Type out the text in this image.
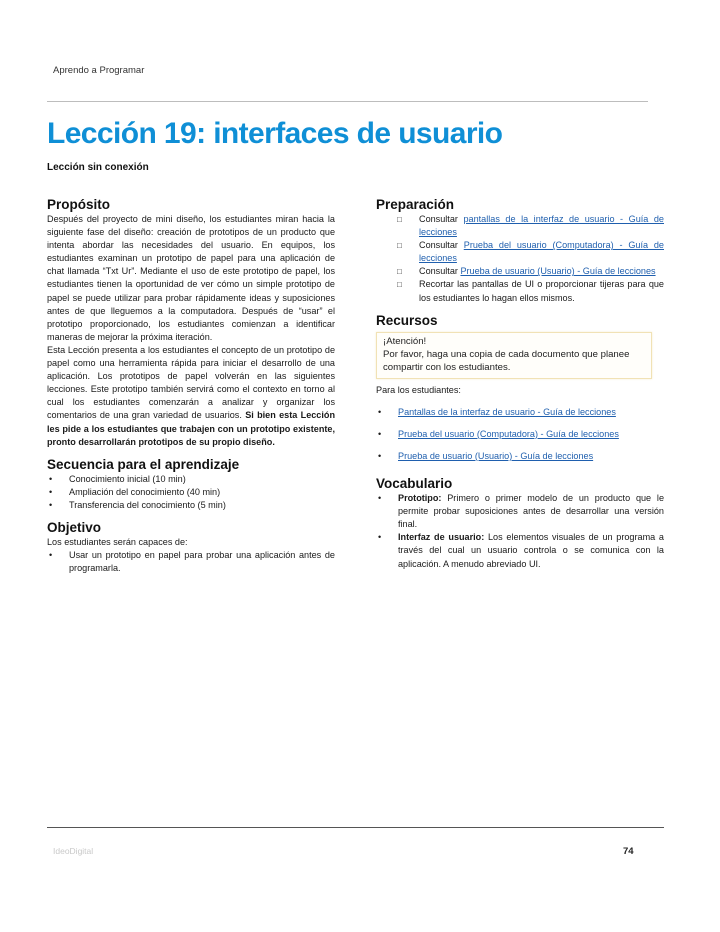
Aprendo a Programar
Lección 19: interfaces de usuario
Lección sin conexión
Propósito

Después del proyecto de mini diseño, los estudiantes miran hacia la siguiente fase del diseño: creación de prototipos de un producto que intenta abordar las necesidades del usuario. En equipos, los estudiantes examinan un prototipo de papel para una aplicación de chat llamada “Txt Ur”. Mediante el uso de este prototipo de papel, los estudiantes tienen la oportunidad de ver cómo un simple prototipo de papel se puede utilizar para probar rápidamente ideas y suposiciones antes de que lleguemos a la computadora. Después de “usar” el prototipo proporcionado, los estudiantes comienzan a identificar maneras de mejorar la próxima iteración.

Esta Lección presenta a los estudiantes el concepto de un prototipo de papel como una herramienta rápida para iniciar el desarrollo de una aplicación. Los prototipos de papel volverán en las siguientes lecciones. Este prototipo también servirá como el contexto en torno al cual los estudiantes comenzarán a analizar y organizar los comentarios de una gran variedad de usuarios. Si bien esta Lección les pide a los estudiantes que trabajen con un prototipo existente, pronto desarrollarán prototipos de su propio diseño.

Secuencia para el aprendizaje
• Conocimiento inicial (10 min)
• Ampliación del conocimiento (40 min)
• Transferencia del conocimiento (5 min)
Objetivo

Los estudiantes serán capaces de:

• Usar un prototipo en papel para probar una aplicación antes de programarla.
Preparación
□ Consultar pantallas de la interfaz de usuario - Guía de lecciones
□ Consultar Prueba del usuario (Computadora) - Guía de lecciones
□ Consultar Prueba de usuario (Usuario) - Guía de lecciones
□ Recortar las pantallas de UI o proporcionar tijeras para que los estudiantes lo hagan ellos mismos.
Recursos
¡Atención!
Por favor, haga una copia de cada documento que planee compartir con los estudiantes.

Para los estudiantes:

• Pantallas de la interfaz de usuario - Guía de lecciones
• Prueba del usuario (Computadora) - Guía de lecciones
• Prueba de usuario (Usuario) - Guía de lecciones
Vocabulario
• Prototipo: Primero o primer modelo de un producto que le permite probar suposiciones antes de desarrollar una versión final.
• Interfaz de usuario: Los elementos visuales de un programa a través del cual un usuario controla o se comunica con la aplicación. A menudo abreviado UI.
IdeoDigital	74
